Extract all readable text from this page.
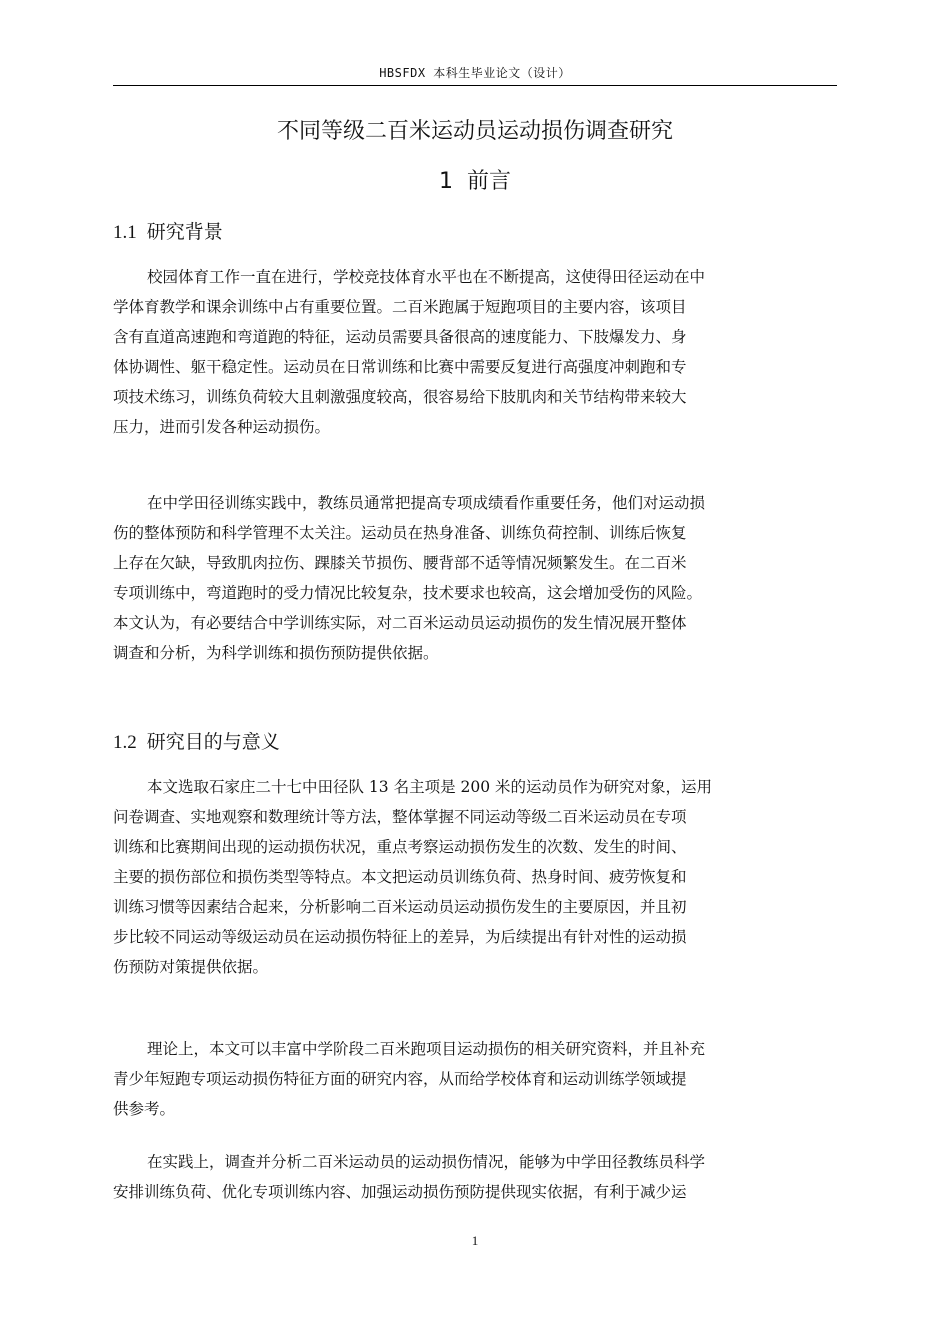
HBSFDX 本科生毕业论文（设计）
不同等级二百米运动员运动损伤调查研究
1 前言
1.1 研究背景
校园体育工作一直在进行，学校竞技体育水平也在不断提高，这使得田径运动在中
学体育教学和课余训练中占有重要位置。二百米跑属于短跑项目的主要内容，该项目
含有直道高速跑和弯道跑的特征，运动员需要具备很高的速度能力、下肢爆发力、身
体协调性、躯干稳定性。运动员在日常训练和比赛中需要反复进行高强度冲刺跑和专
项技术练习，训练负荷较大且刺激强度较高，很容易给下肢肌肉和关节结构带来较大
压力，进而引发各种运动损伤。
在中学田径训练实践中，教练员通常把提高专项成绩看作重要任务，他们对运动损
伤的整体预防和科学管理不太关注。运动员在热身准备、训练负荷控制、训练后恢复
上存在欠缺，导致肌肉拉伤、踝膝关节损伤、腰背部不适等情况频繁发生。在二百米
专项训练中，弯道跑时的受力情况比较复杂，技术要求也较高，这会增加受伤的风险。
本文认为，有必要结合中学训练实际，对二百米运动员运动损伤的发生情况展开整体
调查和分析，为科学训练和损伤预防提供依据。
1.2 研究目的与意义
本文选取石家庄二十七中田径队 13 名主项是 200 米的运动员作为研究对象，运用
问卷调查、实地观察和数理统计等方法，整体掌握不同运动等级二百米运动员在专项
训练和比赛期间出现的运动损伤状况，重点考察运动损伤发生的次数、发生的时间、
主要的损伤部位和损伤类型等特点。本文把运动员训练负荷、热身时间、疲劳恢复和
训练习惯等因素结合起来，分析影响二百米运动员运动损伤发生的主要原因，并且初
步比较不同运动等级运动员在运动损伤特征上的差异，为后续提出有针对性的运动损
伤预防对策提供依据。
理论上，本文可以丰富中学阶段二百米跑项目运动损伤的相关研究资料，并且补充
青少年短跑专项运动损伤特征方面的研究内容，从而给学校体育和运动训练学领域提
供参考。
在实践上，调查并分析二百米运动员的运动损伤情况，能够为中学田径教练员科学
安排训练负荷、优化专项训练内容、加强运动损伤预防提供现实依据，有利于减少运
1
